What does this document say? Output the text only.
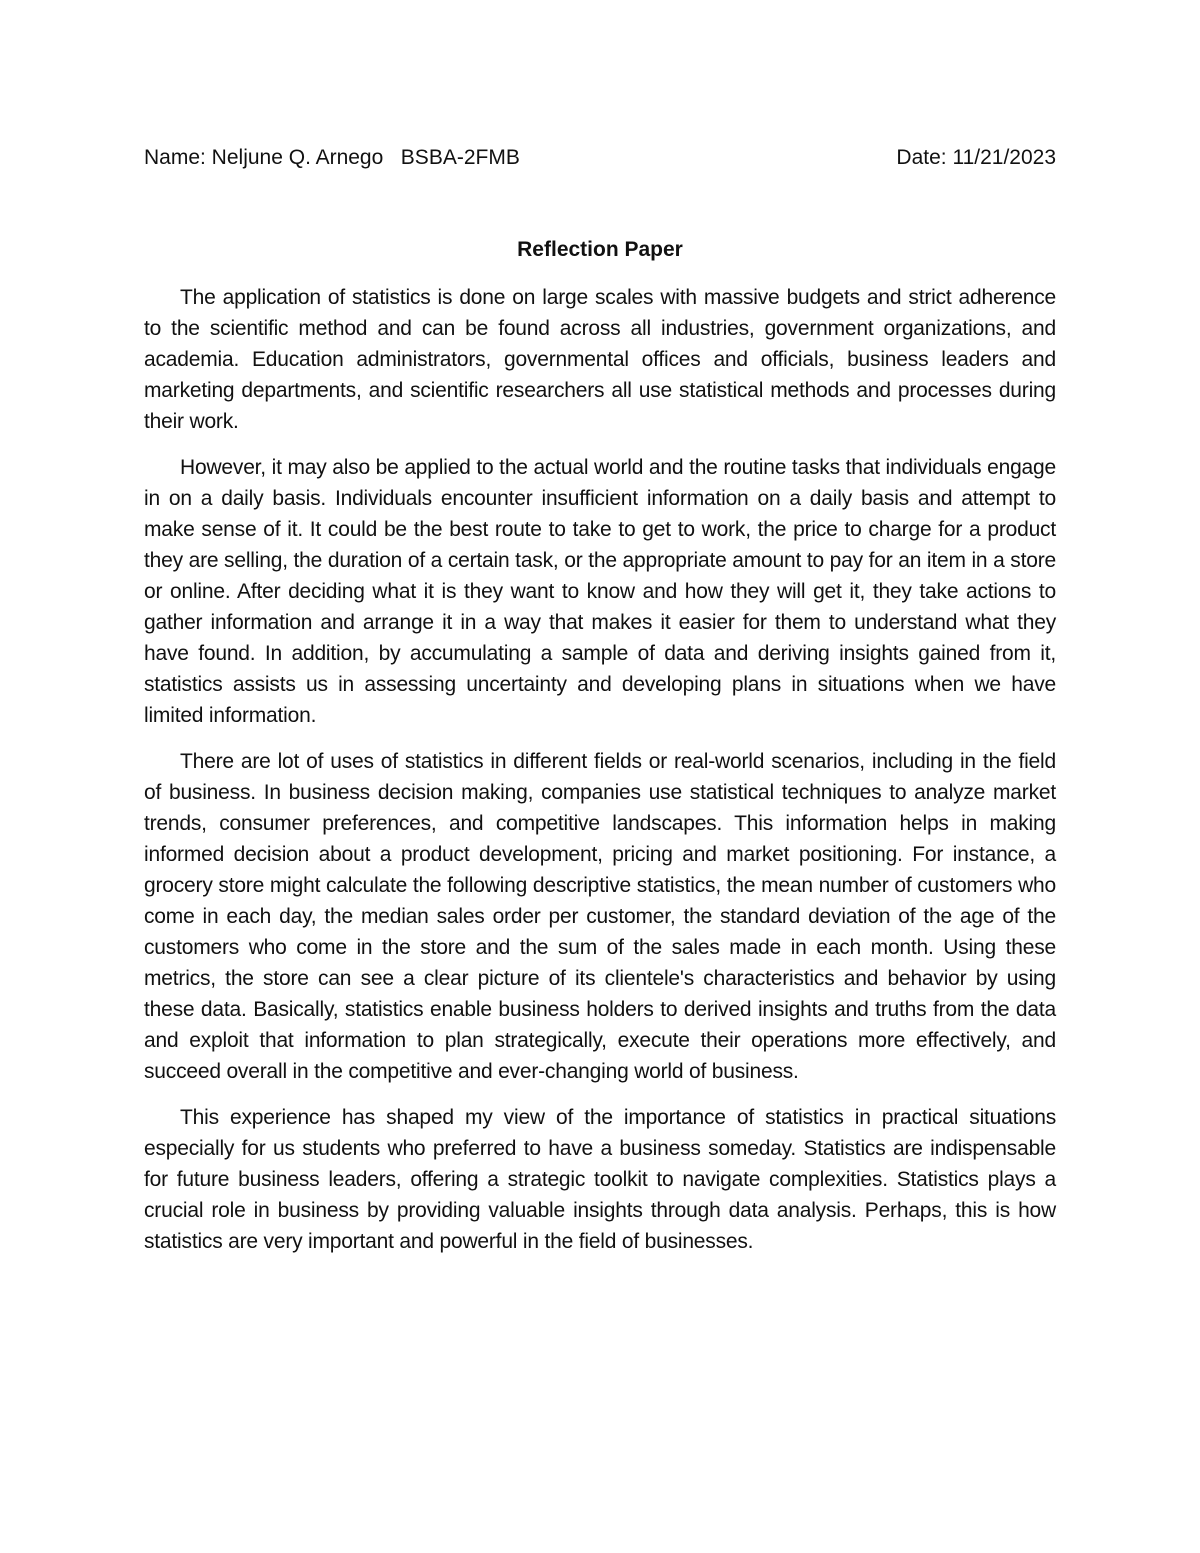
Name: Neljune Q. Arnego   BSBA-2FMB	Date: 11/21/2023
Reflection Paper

The application of statistics is done on large scales with massive budgets and strict adherence to the scientific method and can be found across all industries, government organizations, and academia. Education administrators, governmental offices and officials, business leaders and marketing departments, and scientific researchers all use statistical methods and processes during their work.

However, it may also be applied to the actual world and the routine tasks that individuals engage in on a daily basis. Individuals encounter insufficient information on a daily basis and attempt to make sense of it. It could be the best route to take to get to work, the price to charge for a product they are selling, the duration of a certain task, or the appropriate amount to pay for an item in a store or online. After deciding what it is they want to know and how they will get it, they take actions to gather information and arrange it in a way that makes it easier for them to understand what they have found. In addition, by accumulating a sample of data and deriving insights gained from it, statistics assists us in assessing uncertainty and developing plans in situations when we have limited information.

There are lot of uses of statistics in different fields or real-world scenarios, including in the field of business. In business decision making, companies use statistical techniques to analyze market trends, consumer preferences, and competitive landscapes. This information helps in making informed decision about a product development, pricing and market positioning. For instance, a grocery store might calculate the following descriptive statistics, the mean number of customers who come in each day, the median sales order per customer, the standard deviation of the age of the customers who come in the store and the sum of the sales made in each month. Using these metrics, the store can see a clear picture of its clientele's characteristics and behavior by using these data. Basically, statistics enable business holders to derived insights and truths from the data and exploit that information to plan strategically, execute their operations more effectively, and succeed overall in the competitive and ever-changing world of business.

This experience has shaped my view of the importance of statistics in practical situations especially for us students who preferred to have a business someday. Statistics are indispensable for future business leaders, offering a strategic toolkit to navigate complexities. Statistics plays a crucial role in business by providing valuable insights through data analysis. Perhaps, this is how statistics are very important and powerful in the field of businesses.
